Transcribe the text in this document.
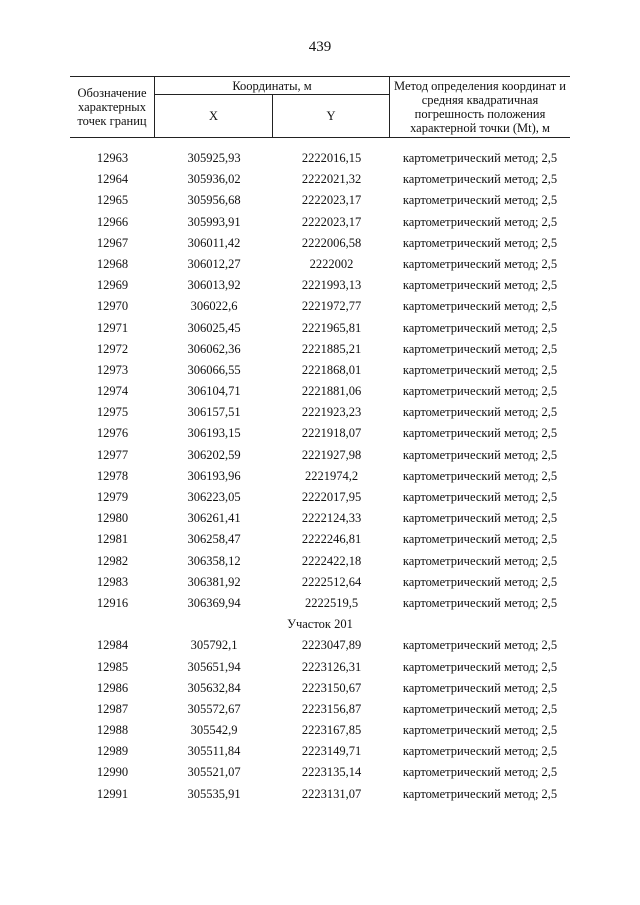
439
Обозначение характерных точек границ
Координаты, м
X	Y
Метод определения координат и средняя квадратичная погрешность положения характерной точки (Mt), м
12963	305925,93	2222016,15	картометрический метод; 2,5
12964	305936,02	2222021,32	картометрический метод; 2,5
12965	305956,68	2222023,17	картометрический метод; 2,5
12966	305993,91	2222023,17	картометрический метод; 2,5
12967	306011,42	2222006,58	картометрический метод; 2,5
12968	306012,27	2222002	картометрический метод; 2,5
12969	306013,92	2221993,13	картометрический метод; 2,5
12970	306022,6	2221972,77	картометрический метод; 2,5
12971	306025,45	2221965,81	картометрический метод; 2,5
12972	306062,36	2221885,21	картометрический метод; 2,5
12973	306066,55	2221868,01	картометрический метод; 2,5
12974	306104,71	2221881,06	картометрический метод; 2,5
12975	306157,51	2221923,23	картометрический метод; 2,5
12976	306193,15	2221918,07	картометрический метод; 2,5
12977	306202,59	2221927,98	картометрический метод; 2,5
12978	306193,96	2221974,2	картометрический метод; 2,5
12979	306223,05	2222017,95	картометрический метод; 2,5
12980	306261,41	2222124,33	картометрический метод; 2,5
12981	306258,47	2222246,81	картометрический метод; 2,5
12982	306358,12	2222422,18	картометрический метод; 2,5
12983	306381,92	2222512,64	картометрический метод; 2,5
12916	306369,94	2222519,5	картометрический метод; 2,5
Участок 201
12984	305792,1	2223047,89	картометрический метод; 2,5
12985	305651,94	2223126,31	картометрический метод; 2,5
12986	305632,84	2223150,67	картометрический метод; 2,5
12987	305572,67	2223156,87	картометрический метод; 2,5
12988	305542,9	2223167,85	картометрический метод; 2,5
12989	305511,84	2223149,71	картометрический метод; 2,5
12990	305521,07	2223135,14	картометрический метод; 2,5
12991	305535,91	2223131,07	картометрический метод; 2,5
